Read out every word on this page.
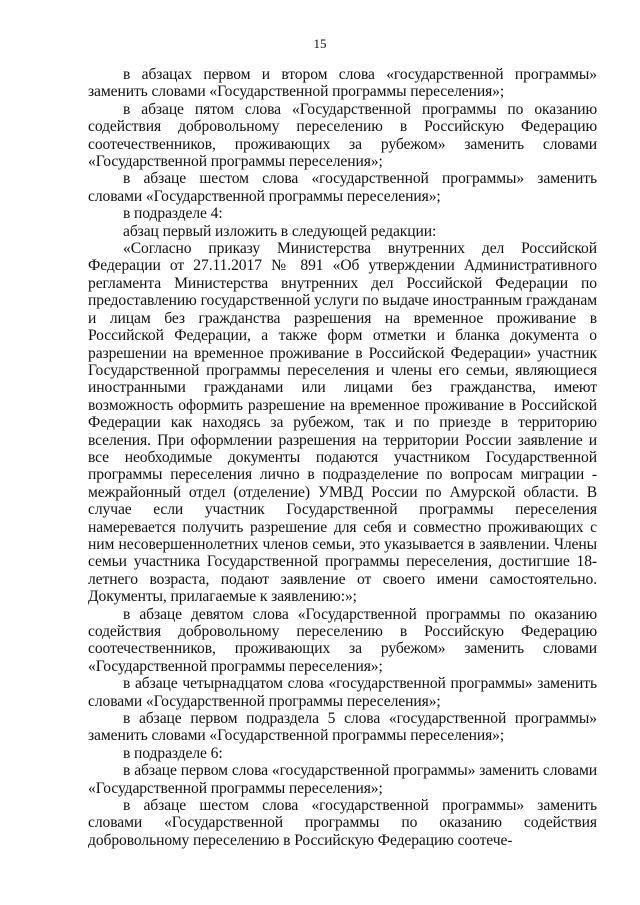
15

в абзацах первом и втором слова «государственной программы» заменить словами «Государственной программы переселения»;

в абзаце пятом слова «Государственной программы по оказанию содействия добровольному переселению в Российскую Федерацию соотечественников, проживающих за рубежом» заменить словами «Государственной программы переселения»;

в абзаце шестом слова «государственной программы» заменить словами «Государственной программы переселения»;

в подразделе 4:

абзац первый изложить в следующей редакции:

«Согласно приказу Министерства внутренних дел Российской Федерации от 27.11.2017 № 891 «Об утверждении Административного регламента Министерства внутренних дел Российской Федерации по предоставлению государственной услуги по выдаче иностранным гражданам и лицам без гражданства разрешения на временное проживание в Российской Федерации, а также форм отметки и бланка документа о разрешении на временное проживание в Российской Федерации» участник Государственной программы переселения и члены его семьи, являющиеся иностранными гражданами или лицами без гражданства, имеют возможность оформить разрешение на временное проживание в Российской Федерации как находясь за рубежом, так и по приезде в территорию вселения. При оформлении разрешения на территории России заявление и все необходимые документы подаются участником Государственной программы переселения лично в подразделение по вопросам миграции - межрайонный отдел (отделение) УМВД России по Амурской области. В случае если участник Государственной программы переселения намеревается получить разрешение для себя и совместно проживающих с ним несовершеннолетних членов семьи, это указывается в заявлении. Члены семьи участника Государственной программы переселения, достигшие 18-летнего возраста, подают заявление от своего имени самостоятельно. Документы, прилагаемые к заявлению:»;

в абзаце девятом слова «Государственной программы по оказанию содействия добровольному переселению в Российскую Федерацию соотечественников, проживающих за рубежом» заменить словами «Государственной программы переселения»;

в абзаце четырнадцатом слова «государственной программы» заменить словами «Государственной программы переселения»;

в абзаце первом подраздела 5 слова «государственной программы» заменить словами «Государственной программы переселения»;

в подразделе 6:

в абзаце первом слова «государственной программы» заменить словами «Государственной программы переселения»;

в абзаце шестом слова «государственной программы» заменить словами «Государственной программы по оказанию содействия добровольному переселению в Российскую Федерацию соотече-
